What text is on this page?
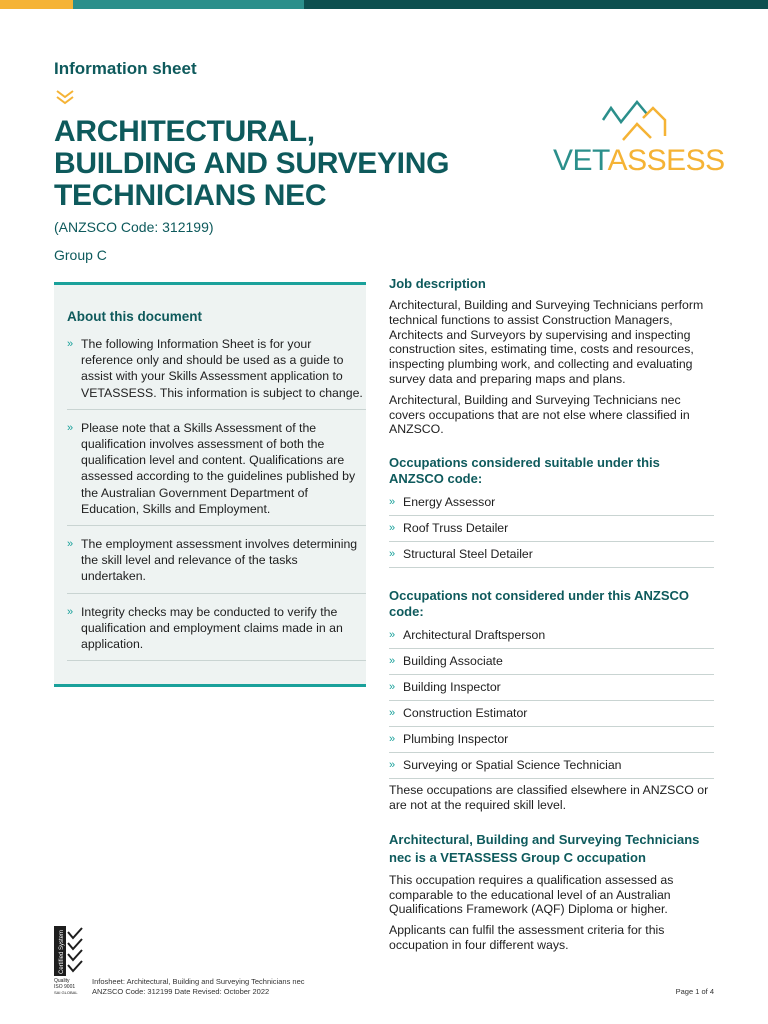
Information sheet
ARCHITECTURAL,
BUILDING AND SURVEYING
TECHNICIANS NEC
(ANZSCO Code: 312199)
Group C
VETASSESS
About this document
» The following Information Sheet is for your reference only and should be used as a guide to assist with your Skills Assessment application to VETASSESS. This information is subject to change.
» Please note that a Skills Assessment of the qualification involves assessment of both the qualification level and content. Qualifications are assessed according to the guidelines published by the Australian Government Department of Education, Skills and Employment.
» The employment assessment involves determining the skill level and relevance of the tasks undertaken.
» Integrity checks may be conducted to verify the qualification and employment claims made in an application.
Job description

Architectural, Building and Surveying Technicians perform technical functions to assist Construction Managers, Architects and Surveyors by supervising and inspecting construction sites, estimating time, costs and resources, inspecting plumbing work, and collecting and evaluating survey data and preparing maps and plans.

Architectural, Building and Surveying Technicians nec covers occupations that are not else where classified in ANZSCO.

Occupations considered suitable under this ANZSCO code:
» Energy Assessor
» Roof Truss Detailer
» Structural Steel Detailer
Occupations not considered under this ANZSCO code:
» Architectural Draftsperson
» Building Associate
» Building Inspector
» Construction Estimator
» Plumbing Inspector
» Surveying or Spatial Science Technician

These occupations are classified elsewhere in ANZSCO or are not at the required skill level.

Architectural, Building and Surveying Technicians nec is a VETASSESS Group C occupation

This occupation requires a qualification assessed as comparable to the educational level of an Australian Qualifications Framework (AQF) Diploma or higher.

Applicants can fulfil the assessment criteria for this occupation in four different ways.

Certified System
Quality
ISO 9001
SAI GLOBAL
Infosheet: Architectural, Building and Surveying Technicians nec
ANZSCO Code: 312199 Date Revised: October 2022	Page 1 of 4
